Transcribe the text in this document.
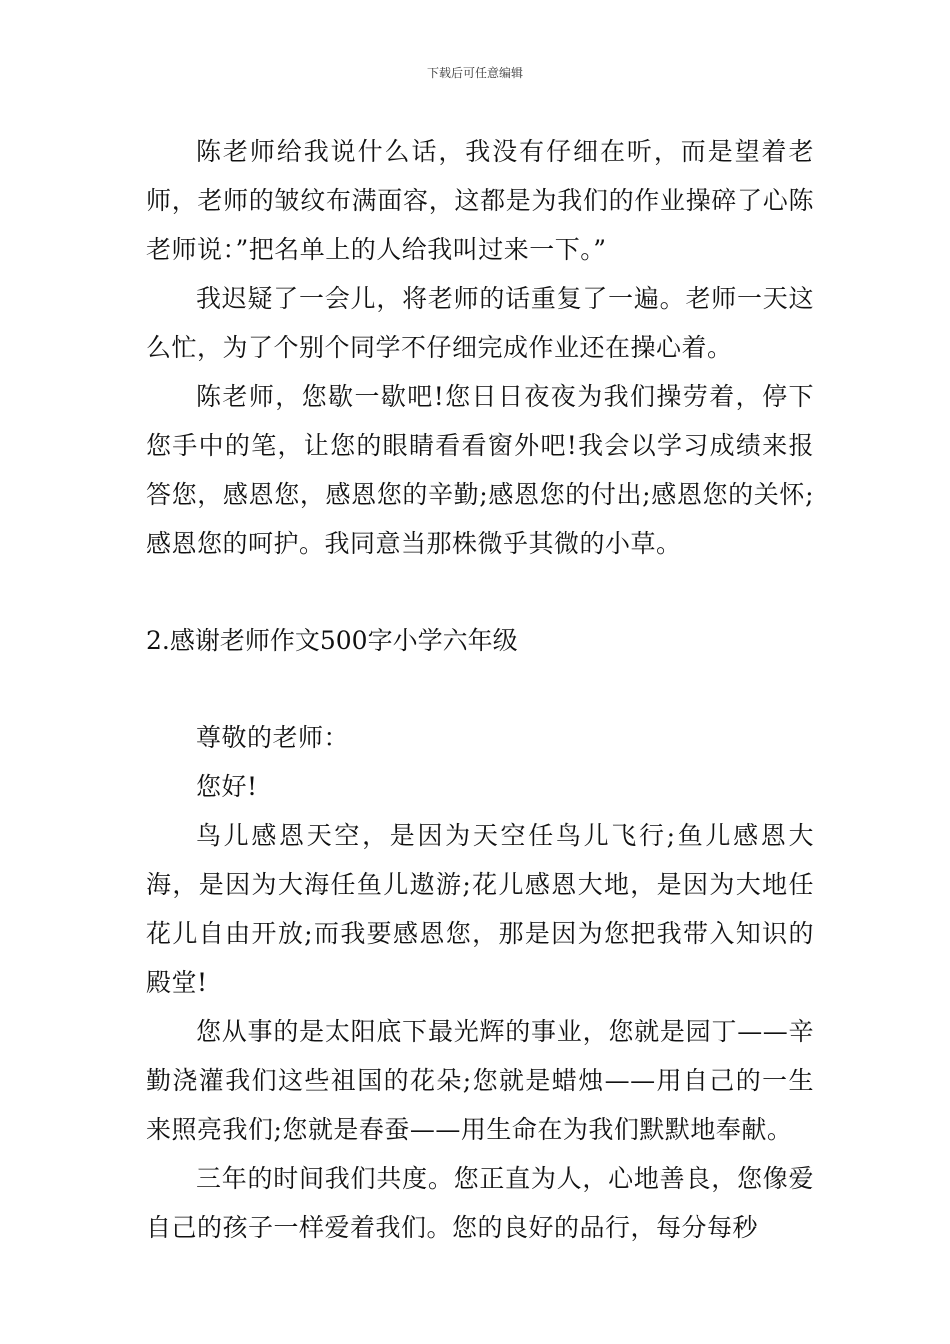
下载后可任意编辑

陈老师给我说什么话，我没有仔细在听，而是望着老师，老师的皱纹布满面容，这都是为我们的作业操碎了心陈老师说：”把名单上的人给我叫过来一下。”

我迟疑了一会儿，将老师的话重复了一遍。老师一天这么忙，为了个别个同学不仔细完成作业还在操心着。

陈老师，您歇一歇吧!您日日夜夜为我们操劳着，停下您手中的笔，让您的眼睛看看窗外吧!我会以学习成绩来报答您，感恩您，感恩您的辛勤;感恩您的付出;感恩您的关怀;感恩您的呵护。我同意当那株微乎其微的小草。

2.感谢老师作文500字小学六年级

尊敬的老师：

您好!

鸟儿感恩天空，是因为天空任鸟儿飞行;鱼儿感恩大海，是因为大海任鱼儿遨游;花儿感恩大地，是因为大地任花儿自由开放;而我要感恩您，那是因为您把我带入知识的殿堂!

您从事的是太阳底下最光辉的事业，您就是园丁——辛勤浇灌我们这些祖国的花朵;您就是蜡烛——用自己的一生来照亮我们;您就是春蚕——用生命在为我们默默地奉献。

三年的时间我们共度。您正直为人，心地善良，您像爱自己的孩子一样爱着我们。您的良好的品行，每分每秒
